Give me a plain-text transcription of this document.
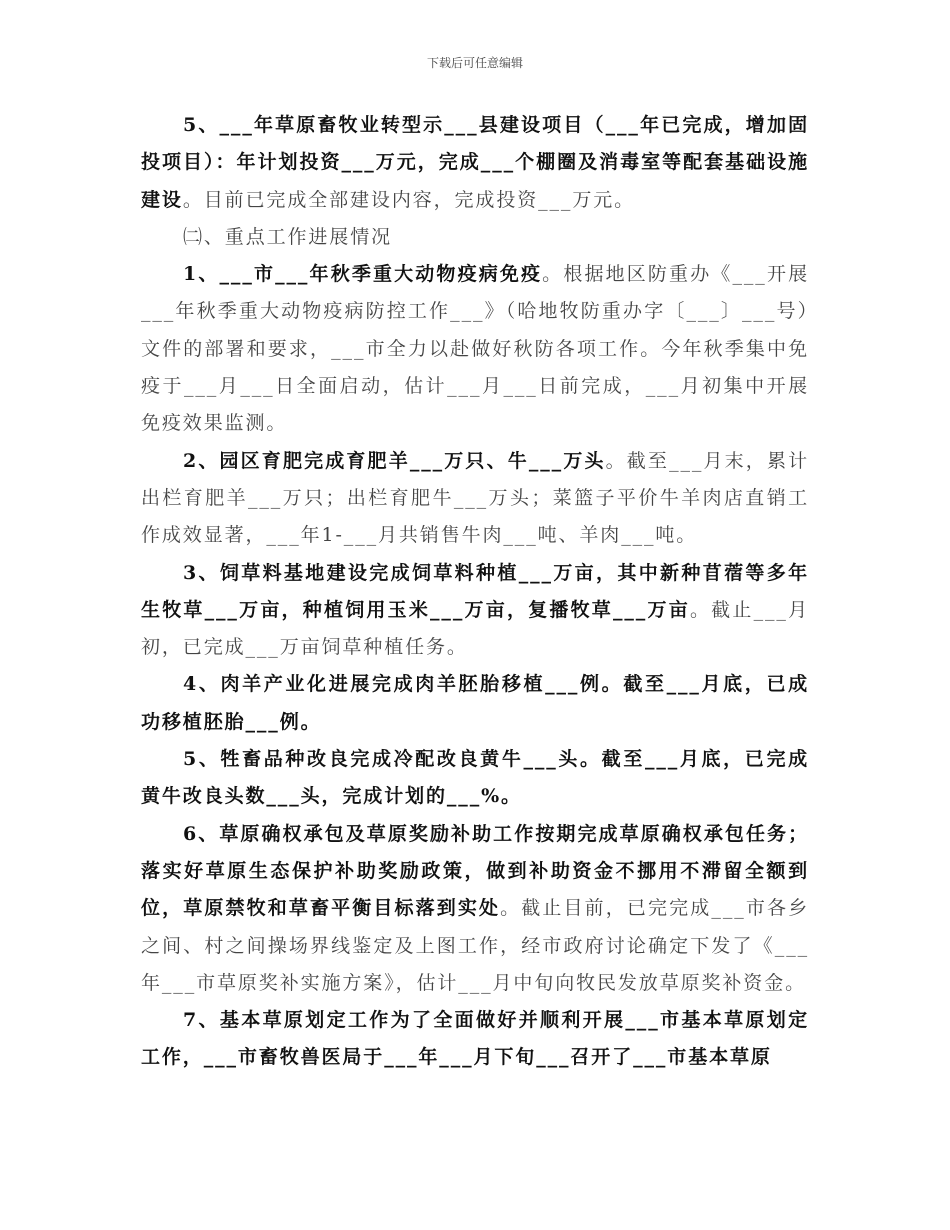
下载后可任意编辑

5、___年草原畜牧业转型示___县建设项目（___年已完成，增加固投项目）：年计划投资___万元，完成___个棚圈及消毒室等配套基础设施建设。目前已完成全部建设内容，完成投资___万元。

㈡、重点工作进展情况

1、___市___年秋季重大动物疫病免疫。根据地区防重办《___开展___年秋季重大动物疫病防控工作___》（哈地牧防重办字〔___〕___号）文件的部署和要求，___市全力以赴做好秋防各项工作。今年秋季集中免疫于___月___日全面启动，估计___月___日前完成，___月初集中开展免疫效果监测。

2、园区育肥完成育肥羊___万只、牛___万头。截至___月末，累计出栏育肥羊___万只；出栏育肥牛___万头；菜篮子平价牛羊肉店直销工作成效显著，___年1-___月共销售牛肉___吨、羊肉___吨。

3、饲草料基地建设完成饲草料种植___万亩，其中新种苜蓿等多年生牧草___万亩，种植饲用玉米___万亩，复播牧草___万亩。截止___月初，已完成___万亩饲草种植任务。

4、肉羊产业化进展完成肉羊胚胎移植___例。截至___月底，已成功移植胚胎___例。

5、牲畜品种改良完成冷配改良黄牛___头。截至___月底，已完成黄牛改良头数___头，完成计划的___%。

6、草原确权承包及草原奖励补助工作按期完成草原确权承包任务；落实好草原生态保护补助奖励政策，做到补助资金不挪用不滞留全额到位，草原禁牧和草畜平衡目标落到实处。截止目前，已完完成___市各乡之间、村之间操场界线鉴定及上图工作，经市政府讨论确定下发了《___年___市草原奖补实施方案》，估计___月中旬向牧民发放草原奖补资金。

7、基本草原划定工作为了全面做好并顺利开展___市基本草原划定工作，___市畜牧兽医局于___年___月下旬___召开了___市基本草原
